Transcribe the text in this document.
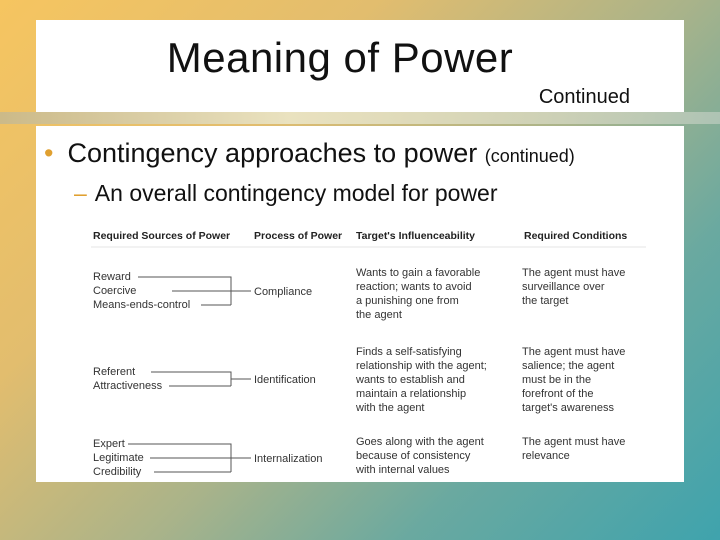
Meaning of Power
Continued
• Contingency approaches to power (continued)
– An overall contingency model for power
Required Sources of Power Process of Power Target's Influenceability	Required Conditions
Reward
Coercive
Means-ends-control
Compliance
Wants to gain a favorable
reaction; wants to avoid
a punishing one from
the agent
The agent must have
surveillance over
the target
Referent
Attractiveness	Identification
Finds a self-satisfying
relationship with the agent;
wants to establish and
maintain a relationship
with the agent
The agent must have
salience; the agent
must be in the
forefront of the
target's awareness
Expert
Legitimate
Credibility
Internalization
Goes along with the agent
because of consistency
with internal values
The agent must have
relevance
